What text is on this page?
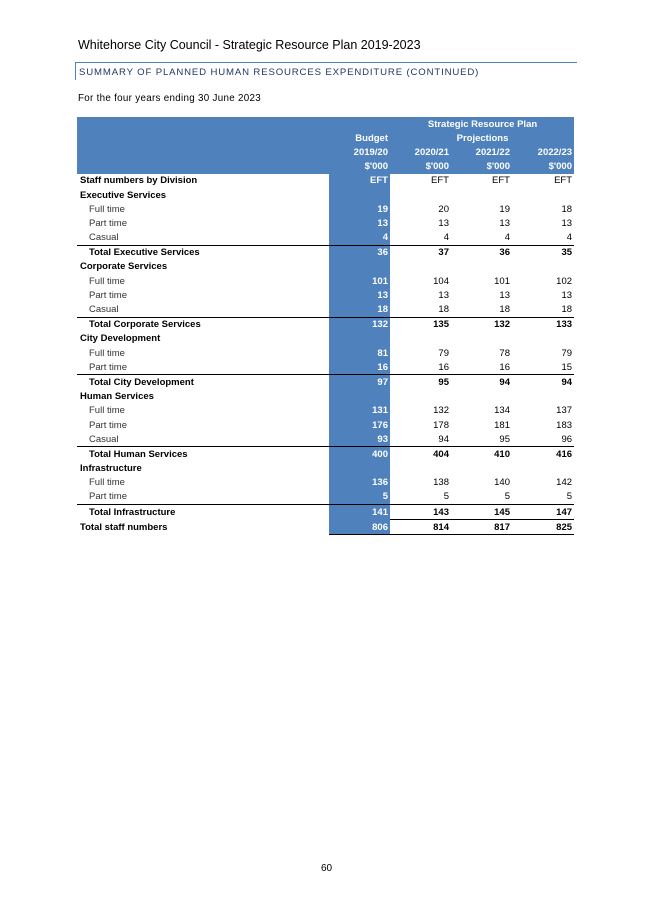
Whitehorse City Council - Strategic Resource Plan 2019-2023
SUMMARY OF PLANNED HUMAN RESOURCES EXPENDITURE (CONTINUED)
For the four years ending 30 June 2023
		Strategic Resource Plan		
	Budget	Projections		
	2019/20	2020/21	2021/22	2022/23
	$'000	$'000	$'000	$'000
Staff numbers by Division	EFT	EFT	EFT	EFT
Executive Services				
Full time	19	20	19	18
Part time	13	13	13	13
Casual	4	4	4	4
Total Executive Services	36	37	36	35
Corporate Services				
Full time	101	104	101	102
Part time	13	13	13	13
Casual	18	18	18	18
Total Corporate Services	132	135	132	133
City Development				
Full time	81	79	78	79
Part time	16	16	16	15
Total City Development	97	95	94	94
Human Services				
Full time	131	132	134	137
Part time	176	178	181	183
Casual	93	94	95	96
Total Human Services	400	404	410	416
Infrastructure				
Full time	136	138	140	142
Part time	5	5	5	5
Total Infrastructure	141	143	145	147
Total staff numbers	806	814	817	825
60
